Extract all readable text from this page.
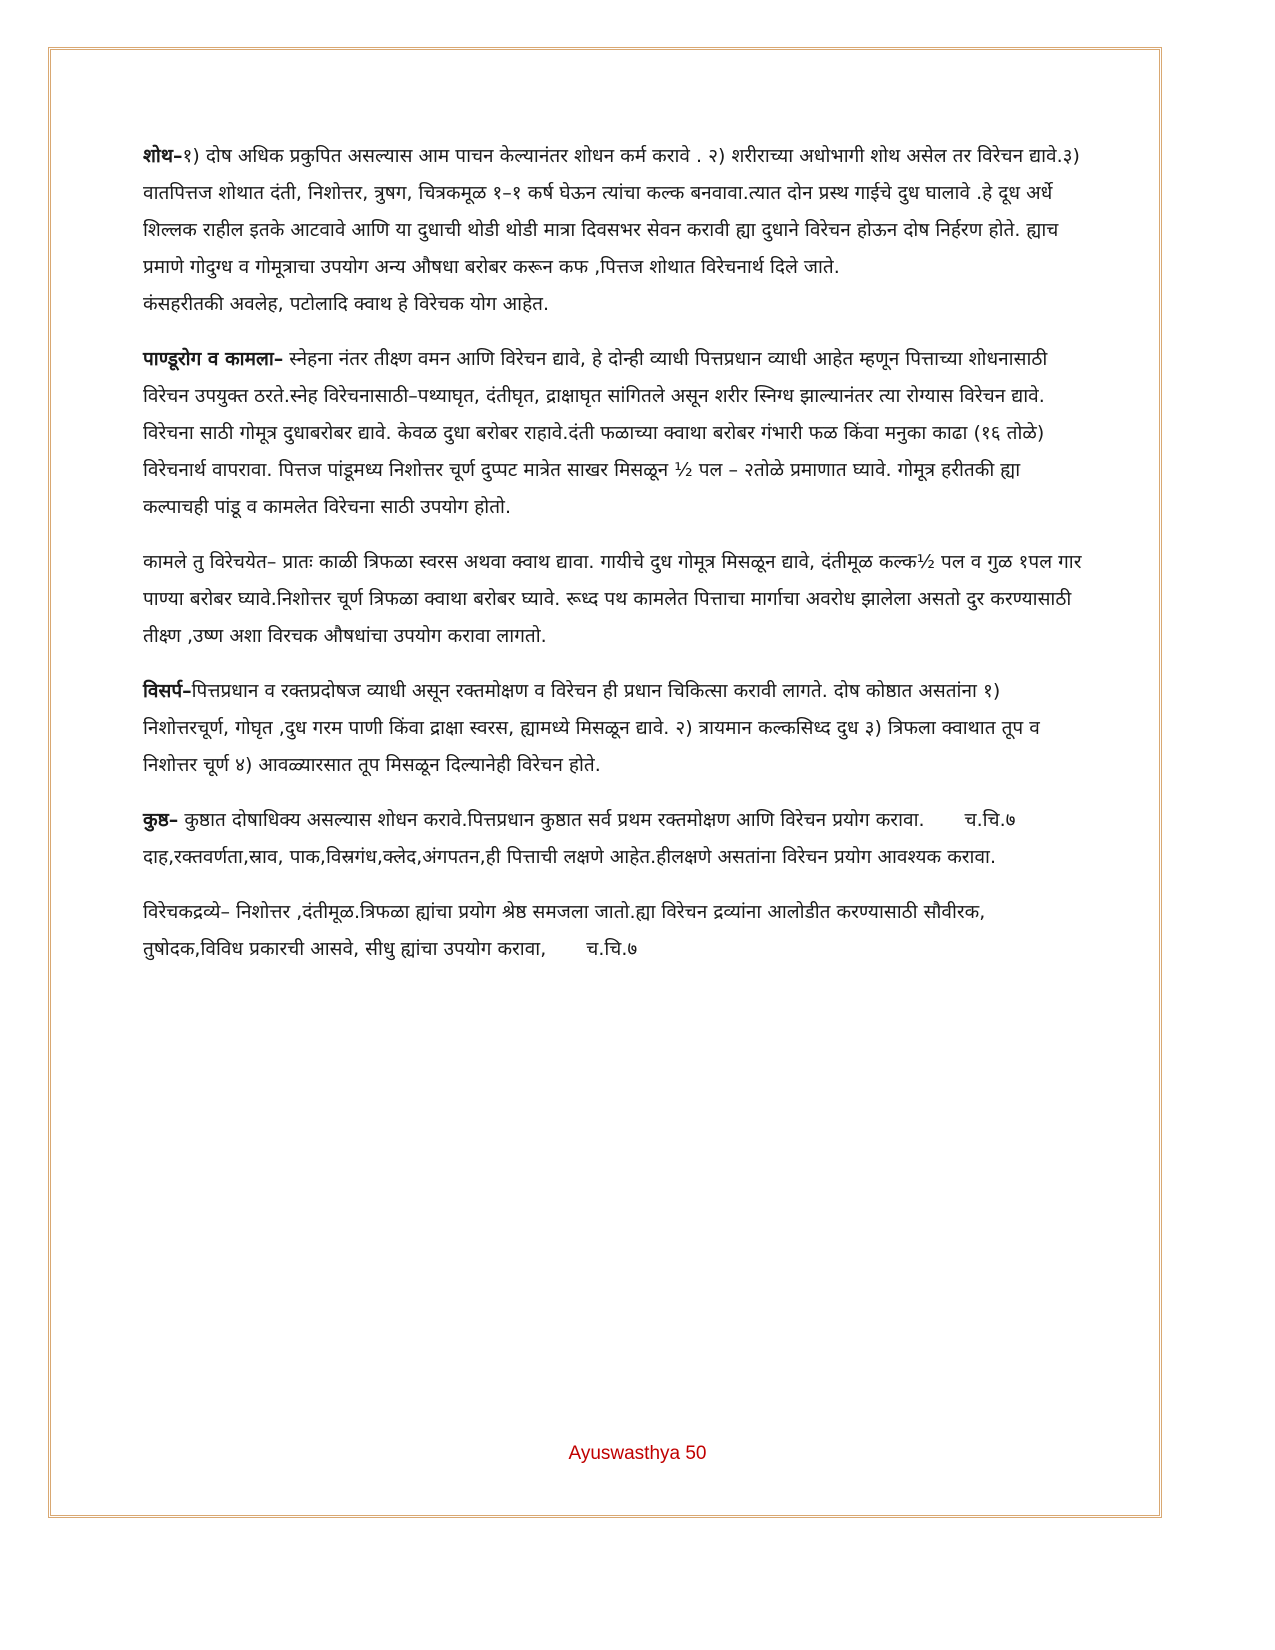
शोथ–१) दोष अधिक प्रकुपित असल्यास आम पाचन केल्यानंतर शोधन कर्म करावे . २) शरीराच्या अधोभागी शोथ असेल तर विरेचन द्यावे.३) वातपित्तज शोथात दंती, निशोत्तर, त्रुषग, चित्रकमूळ १–१ कर्ष घेऊन त्यांचा कल्क बनवावा.त्यात दोन प्रस्थ गाईचे दुध घालावे .हे दूध अर्धे शिल्लक राहील इतके आटवावे आणि या दुधाची थोडी थोडी मात्रा दिवसभर सेवन करावी ह्या दुधाने विरेचन होऊन दोष निर्हरण होते. ह्याच प्रमाणे गोदुग्ध व गोमूत्राचा उपयोग अन्य औषधा बरोबर करून कफ ,पित्तज शोथात विरेचनार्थ दिले जाते.

कंसहरीतकी अवलेह, पटोलादि क्वाथ हे विरेचक योग आहेत.

पाण्डूरोग व कामला– स्नेहना नंतर तीक्ष्ण वमन आणि विरेचन द्यावे, हे दोन्ही व्याधी पित्तप्रधान व्याधी आहेत म्हणून पित्ताच्या शोधनासाठी विरेचन उपयुक्त ठरते.स्नेह विरेचनासाठी–पथ्याघृत, दंतीघृत, द्राक्षाघृत सांगितले असून शरीर स्निग्ध झाल्यानंतर त्या रोग्यास विरेचन द्यावे. विरेचना साठी गोमूत्र दुधाबरोबर द्यावे. केवळ दुधा बरोबर राहावे.दंती फळाच्या क्वाथा बरोबर गंभारी फळ किंवा मनुका काढा (१६ तोळे) विरेचनार्थ वापरावा. पित्तज पांडूमध्य निशोत्तर चूर्ण दुप्पट मात्रेत साखर मिसळून ½ पल – २तोळे प्रमाणात घ्यावे. गोमूत्र हरीतकी ह्या कल्पाचही पांडू व कामलेत विरेचना साठी उपयोग होतो.

कामले तु विरेचयेत– प्रातः काळी त्रिफळा स्वरस अथवा क्वाथ द्यावा. गायीचे दुध गोमूत्र मिसळून द्यावे, दंतीमूळ कल्क½ पल व गुळ १पल गार पाण्या बरोबर घ्यावे.निशोत्तर चूर्ण त्रिफळा क्वाथा बरोबर घ्यावे. रूध्द पथ कामलेत पित्ताचा मार्गाचा अवरोध झालेला असतो दुर करण्यासाठी तीक्ष्ण ,उष्ण अशा विरचक औषधांचा उपयोग करावा लागतो.

विसर्प–पित्तप्रधान व रक्तप्रदोषज व्याधी असून रक्तमोक्षण व विरेचन ही प्रधान चिकित्सा करावी लागते. दोष कोष्ठात असतांना १) निशोत्तरचूर्ण, गोघृत ,दुध गरम पाणी किंवा द्राक्षा स्वरस, ह्यामध्ये मिसळून द्यावे. २) त्रायमान कल्कसिध्द दुध ३) त्रिफला क्वाथात तूप व निशोत्तर चूर्ण ४) आवळ्यारसात तूप मिसळून दिल्यानेही विरेचन होते.

कुष्ठ– कुष्ठात दोषाधिक्य असल्यास शोधन करावे.पित्तप्रधान कुष्ठात सर्व प्रथम रक्तमोक्षण आणि विरेचन प्रयोग करावा. च.चि.७

दाह,रक्तवर्णता,स्राव, पाक,विस्रगंध,क्लेद,अंगपतन,ही पित्ताची लक्षणे आहेत.हीलक्षणे असतांना विरेचन प्रयोग आवश्यक करावा.

विरेचकद्रव्ये– निशोत्तर ,दंतीमूळ.त्रिफळा ह्यांचा प्रयोग श्रेष्ठ समजला जातो.ह्या विरेचन द्रव्यांना आलोडीत करण्यासाठी सौवीरक, तुषोदक,विविध प्रकारची आसवे, सीधु ह्यांचा उपयोग करावा, च.चि.७

Ayuswasthya 50
